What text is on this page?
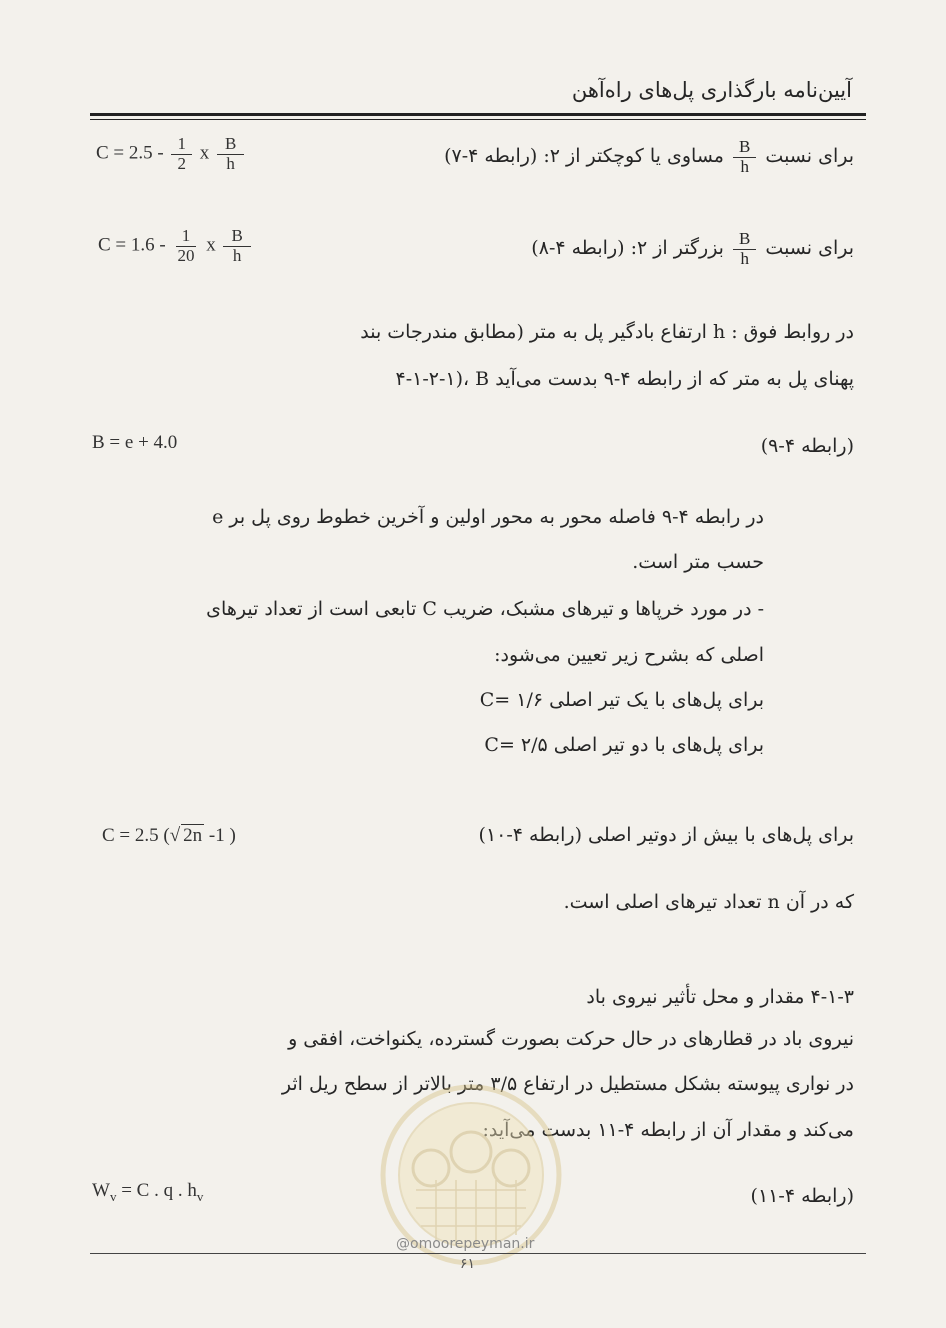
آیین‌نامه بارگذاری پل‌های راه‌آهن
برای نسبت
$\frac{B}{h}$
مساوی یا کوچکتر از ۲: (رابطه ۴-۷)
$C = 2.5 - \frac{1}{2}$ x $\frac{B}{h}$
برای نسبت
$\frac{B}{h}$
بزرگتر از ۲: (رابطه ۴-۸)
$C = 1.6 - \frac{1}{20}$ x $\frac{B}{h}$
در روابط فوق : h ارتفاع بادگیر پل به متر (مطابق مندرجات بند
۴-۱-۲-۱)، B پهنای پل به متر که از رابطه ۴-۹ بدست می‌آید
(رابطه ۴-۹)
B = e + 4.0
e در رابطه ۴-۹ فاصله محور به محور اولین و آخرین خطوط روی پل بر
حسب متر است.
- در مورد خرپاها و تیرهای مشبک، ضریب C تابعی است از تعداد تیرهای
اصلی که بشرح زیر تعیین می‌شود:
برای پل‌های با یک تیر اصلی ۱/۶ =C
برای پل‌های با دو تیر اصلی ۲/۵ =C
برای پل‌های با بیش از دوتیر اصلی (رابطه ۴-۱۰)
C = 2.5 (√ 2n -1 )
که در آن n تعداد تیرهای اصلی است.
۴-۱-۳ مقدار و محل تأثیر نیروی باد
نیروی باد در قطارهای در حال حرکت بصورت گسترده، یکنواخت، افقی و
در نواری پیوسته بشکل مستطیل در ارتفاع ۳/۵ متر بالاتر از سطح ریل اثر
می‌کند و مقدار آن از رابطه ۴-۱۱ بدست می‌آید:
(رابطه ۴-۱۱)
$W_v = C$ . q . $h_v$
@omoorepeyman.ir
۶۱
